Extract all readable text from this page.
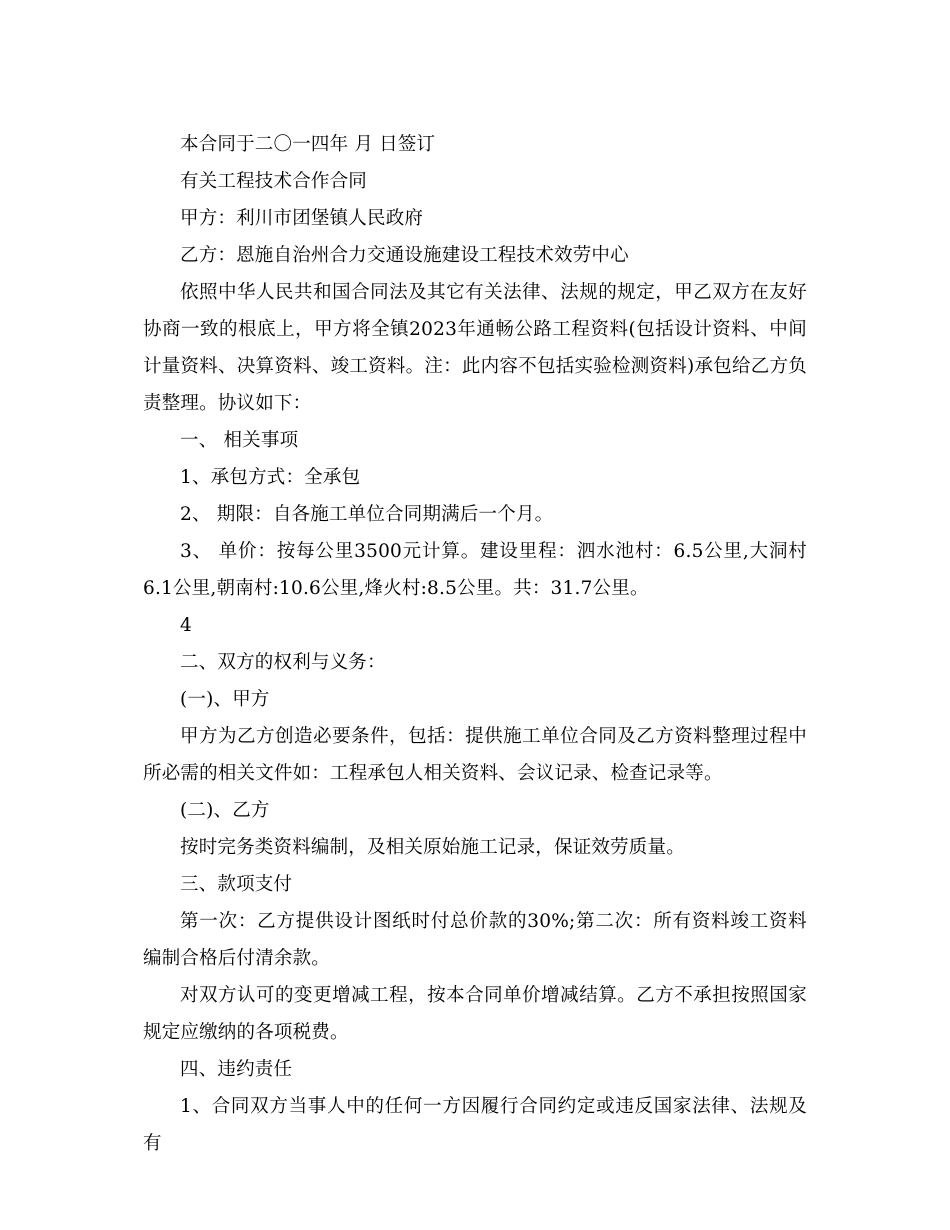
本合同于二〇一四年 月 日签订

有关工程技术合作合同

甲方：利川市团堡镇人民政府

乙方：恩施自治州合力交通设施建设工程技术效劳中心

依照中华人民共和国合同法及其它有关法律、法规的规定，甲乙双方在友好协商一致的根底上，甲方将全镇2023年通畅公路工程资料(包括设计资料、中间计量资料、决算资料、竣工资料。注：此内容不包括实验检测资料)承包给乙方负责整理。协议如下：

一、 相关事项

1、承包方式：全承包

2、 期限：自各施工单位合同期满后一个月。

3、 单价：按每公里3500元计算。建设里程：泗水池村：6.5公里,大洞村6.1公里,朝南村:10.6公里,烽火村:8.5公里。共：31.7公里。

4

二、双方的权利与义务：

(一)、甲方

甲方为乙方创造必要条件，包括：提供施工单位合同及乙方资料整理过程中所必需的相关文件如：工程承包人相关资料、会议记录、检查记录等。

(二)、乙方

按时完务类资料编制，及相关原始施工记录，保证效劳质量。

三、款项支付

第一次：乙方提供设计图纸时付总价款的30%;第二次：所有资料竣工资料编制合格后付清余款。

对双方认可的变更增减工程，按本合同单价增减结算。乙方不承担按照国家规定应缴纳的各项税费。

四、违约责任

1、合同双方当事人中的任何一方因履行合同约定或违反国家法律、法规及有
